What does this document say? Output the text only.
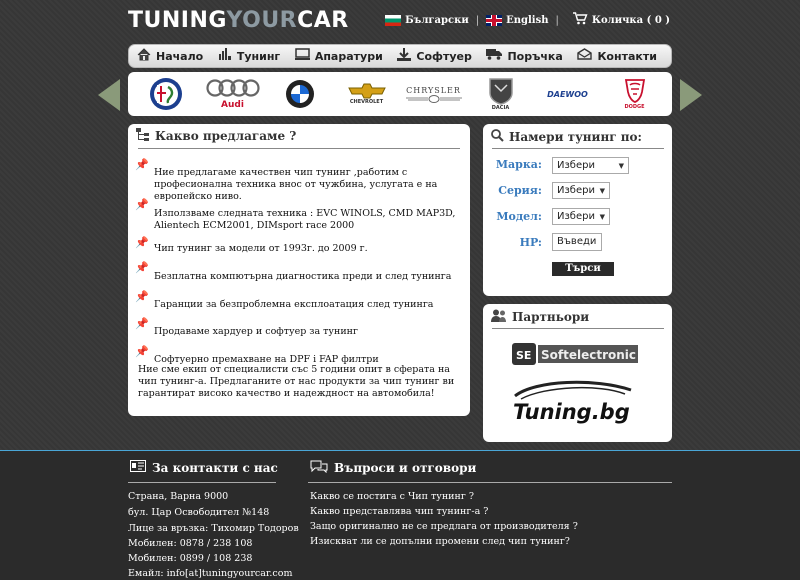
TUNINGYOURCAR	Български |	English |	Количка ( 0 )
Начало	Тунинг	Апаратури	Софтуер	Поръчка	Контакти
Audi	CHEVROLET
CHRYSLER
DACIA
DAEWOO
DODGE
Какво предлагаме ?
📌
Ние предлагаме качествен чип тунинг ,работим с професионална техника внос от чужбина, услугата е на европейско ниво.
📌
Използваме следната техника : EVC WINOLS, CMD MAP3D, Alientech ECM2001, DIMsport race 2000
📌 Чип тунинг за модели от 1993г. до 2009 г.
📌
Безплатна компютърна диагностика преди и след тунинга
📌
Гаранции за безпроблемна експлоатация след тунинга
📌
Продаваме хардуер и софтуер за тунинг
📌
Софтуерно премахване на DPF i FAP филтри
Ние сме екип от специалисти със 5 години опит в сферата на чип тунинг-а. Предлаганите от нас продукти за чип тунинг ви гарантират високо качество и надеждност на автомобила!
Намери тунинг по:
Марка: Избери	▼
Серия: Избери ▼
Модел: Избери ▼
HP:	Въведи
Търси
Партньори
SE Softelectronic
Tuning.bg
За контакти с нас
Страна, Варна 9000
бул. Цар Освободител №148
Лице за връзка: Тихомир Тодоров
Мобилен: 0878 / 238 108
Мобилен: 0899 / 108 238
Емайл: info[at]tuningyourcar.com
Въпроси и отговори
Какво се постига с Чип тунинг ?
Какво представлява чип тунинг-а ?
Защо оригинално не се предлага от производителя ?
Изискват ли се допълни промени след чип тунинг?
